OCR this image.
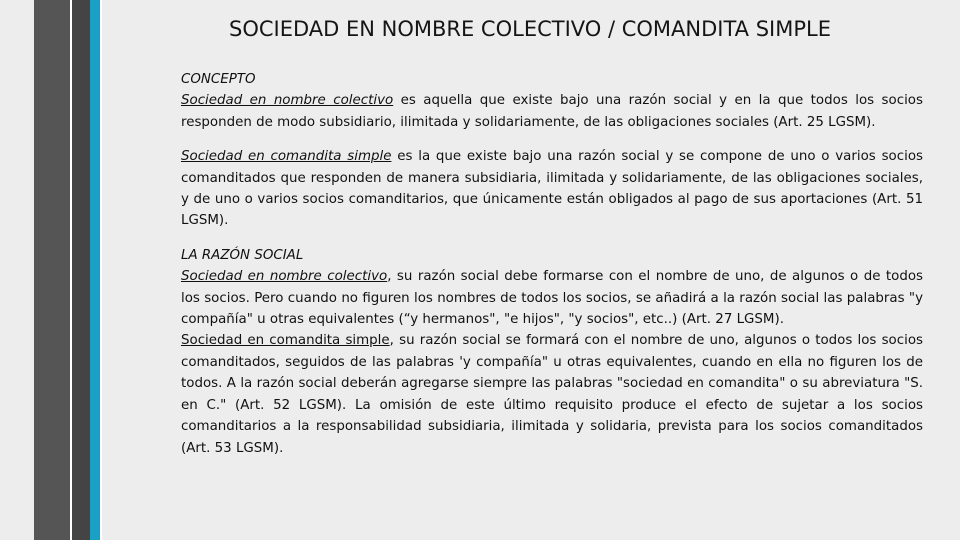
SOCIEDAD EN NOMBRE COLECTIVO / COMANDITA SIMPLE

CONCEPTO

Sociedad en nombre colectivo es aquella que existe bajo una razón social y en la que todos los socios responden de modo subsidiario, ilimitada y solidariamente, de las obligaciones sociales (Art. 25 LGSM).

Sociedad en comandita simple es la que existe bajo una razón social y se compone de uno o varios socios comanditados que responden de manera subsidiaria, ilimitada y solidariamente, de las obligaciones sociales, y de uno o varios socios comanditarios, que únicamente están obligados al pago de sus aportaciones (Art. 51 LGSM).

LA RAZÓN SOCIAL

Sociedad en nombre colectivo, su razón social debe formarse con el nombre de uno, de algunos o de todos los socios. Pero cuando no figuren los nombres de todos los socios, se añadirá a la razón social las palabras "y compañía" u otras equivalentes (“y hermanos", "e hijos", "y socios", etc..) (Art. 27 LGSM).

Sociedad en comandita simple, su razón social se formará con el nombre de uno, algunos o todos los socios comanditados, seguidos de las palabras 'y compañía" u otras equivalentes, cuando en ella no figuren los de todos. A la razón social deberán agregarse siempre las palabras "sociedad en comandita" o su abreviatura "S. en C." (Art. 52 LGSM). La omisión de este último requisito produce el efecto de sujetar a los socios comanditarios a la responsabilidad subsidiaria, ilimitada y solidaria, prevista para los socios comanditados (Art. 53 LGSM).
